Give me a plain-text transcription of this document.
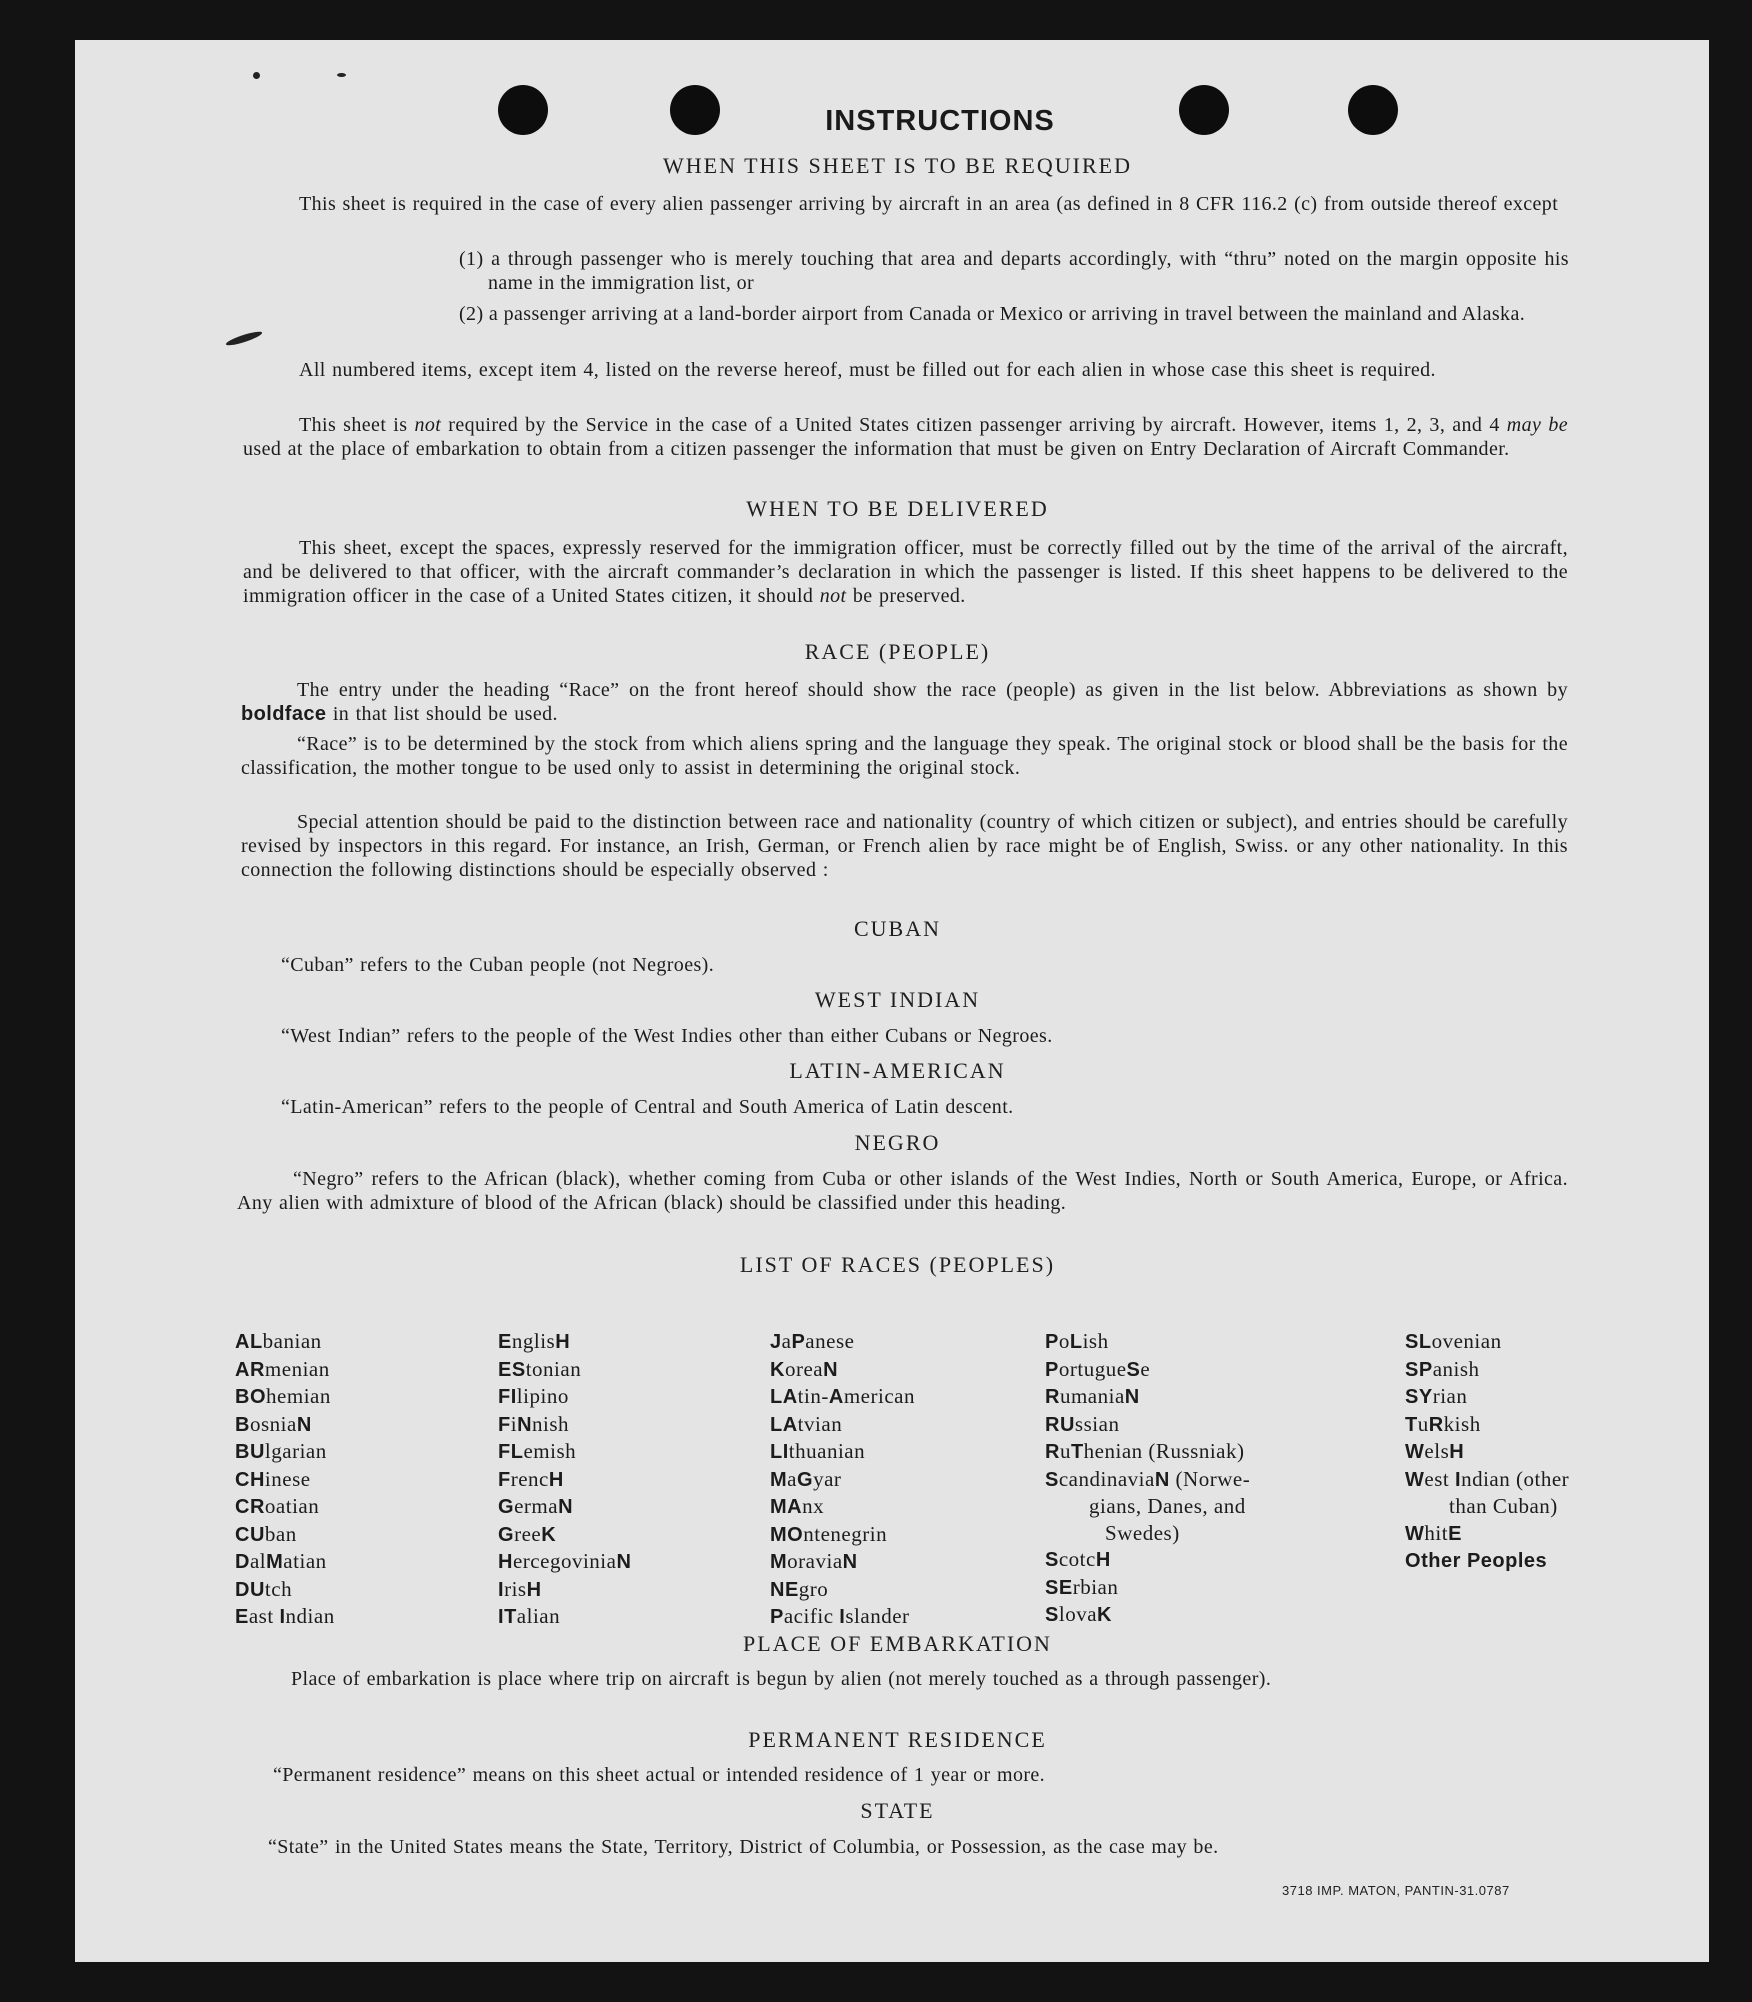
INSTRUCTIONS
WHEN THIS SHEET IS TO BE REQUIRED
This sheet is required in the case of every alien passenger arriving by aircraft in an area (as defined in 8 CFR 116.2 (c) from outside thereof except
(1) a through passenger who is merely touching that area and departs accordingly, with “thru” noted on the margin opposite his name in the immigration list, or
(2) a passenger arriving at a land-border airport from Canada or Mexico or arriving in travel between the mainland and Alaska.
All numbered items, except item 4, listed on the reverse hereof, must be filled out for each alien in whose case this sheet is required.
This sheet is not required by the Service in the case of a United States citizen passenger arriving by aircraft. However, items 1, 2, 3, and 4 may be used at the place of embarkation to obtain from a citizen passenger the information that must be given on Entry Declaration of Aircraft Commander.
WHEN TO BE DELIVERED
This sheet, except the spaces, expressly reserved for the immigration officer, must be correctly filled out by the time of the arrival of the aircraft, and be delivered to that officer, with the aircraft commander’s declaration in which the passenger is listed. If this sheet happens to be delivered to the immigration officer in the case of a United States citizen, it should not be preserved.
RACE (PEOPLE)
The entry under the heading “Race” on the front hereof should show the race (people) as given in the list below. Abbreviations as shown by boldface in that list should be used.
“Race” is to be determined by the stock from which aliens spring and the language they speak. The original stock or blood shall be the basis for the classification, the mother tongue to be used only to assist in determining the original stock.
Special attention should be paid to the distinction between race and nationality (country of which citizen or subject), and entries should be carefully revised by inspectors in this regard. For instance, an Irish, German, or French alien by race might be of English, Swiss. or any other nationality. In this connection the following distinctions should be especially observed :
CUBAN
“Cuban” refers to the Cuban people (not Negroes).
WEST INDIAN
“West Indian” refers to the people of the West Indies other than either Cubans or Negroes.
LATIN-AMERICAN
“Latin-American” refers to the people of Central and South America of Latin descent.
NEGRO
“Negro” refers to the African (black), whether coming from Cuba or other islands of the West Indies, North or South America, Europe, or Africa. Any alien with admixture of blood of the African (black) should be classified under this heading.
LIST OF RACES (PEOPLES)
ALbanian
ARmenian
BOhemian
BosniaN
BUlgarian
CHinese
CRoatian
CUban
DalMatian
DUtch
East Indian
EnglisH
EStonian
FIlipino
FiNnish
FLemish
FrencH
GermaN
GreeK
HercegoviniaN
IrisH
ITalian
JaPanese
KoreaN
LAtin-American
LAtvian
LIthuanian
MaGyar
MAnx
MOntenegrin
MoraviaN
NEgro
Pacific Islander
PoLish
PortugueSe
RumaniaN
RUssian
RuThenian (Russniak)
ScandinaviaN (Norwe-
gians, Danes, and
Swedes)
ScotcH
SErbian
SlovaK
SLovenian
SPanish
SYrian
TuRkish
WelsH
West Indian (other
than Cuban)
WhitE
Other Peoples
PLACE OF EMBARKATION
Place of embarkation is place where trip on aircraft is begun by alien (not merely touched as a through passenger).
PERMANENT RESIDENCE
“Permanent residence” means on this sheet actual or intended residence of 1 year or more.
STATE
“State” in the United States means the State, Territory, District of Columbia, or Possession, as the case may be.
3718 IMP. MATON, PANTIN-31.0787
